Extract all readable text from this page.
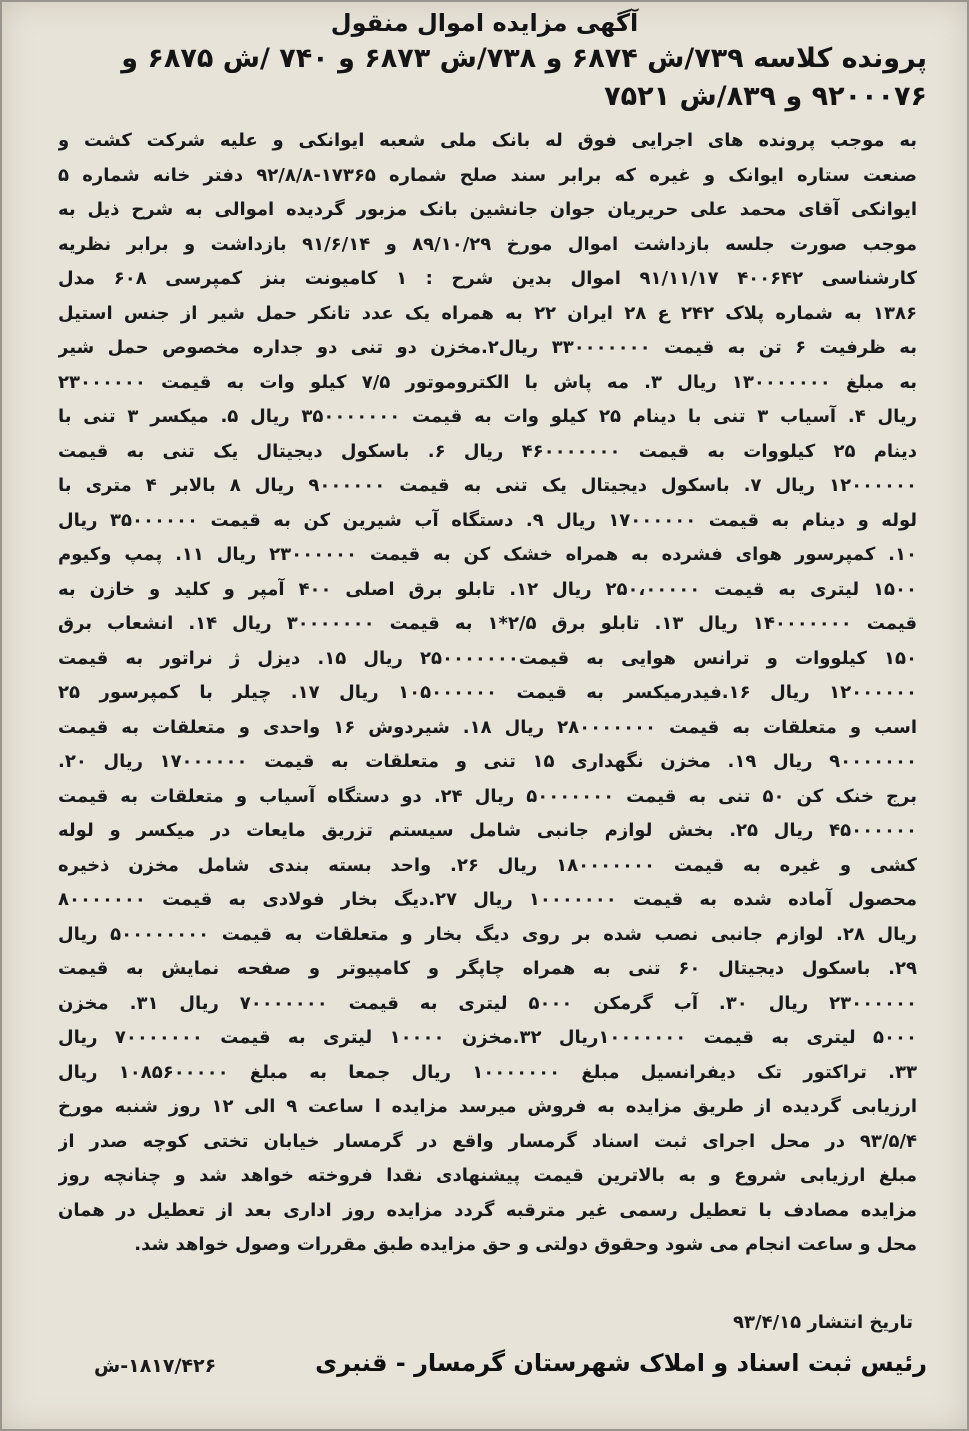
آگهی مزایده اموال منقول
پرونده کلاسه ۷۳۹/ش ۶۸۷۴ و ۷۳۸/ش ۶۸۷۳ و ۷۴۰ /ش ۶۸۷۵ و
۹۲۰۰۰۷۶ و ۸۳۹/ش ۷۵۲۱
به موجب پرونده های اجرایی فوق له بانک ملی شعبه ایوانکی و علیه شرکت کشت و
صنعت ستاره ایوانک و غیره که برابر سند صلح شماره ۱۷۳۶۵-۹۲/۸/۸ دفتر خانه شماره ۵
ایوانکی آقای محمد علی حریریان جوان جانشین بانک مزبور گردیده اموالی به شرح ذیل به
موجب صورت جلسه بازداشت اموال مورخ ۸۹/۱۰/۲۹ و ۹۱/۶/۱۴ بازداشت و برابر نظریه
کارشناسی ۴۰۰۶۴۲ ۹۱/۱۱/۱۷ اموال بدین شرح : ۱ کامیونت بنز کمپرسی ۶۰۸ مدل
۱۳۸۶ به شماره پلاک ۲۴۲ ع ۲۸ ایران ۲۲ به همراه یک عدد تانکر حمل شیر از جنس استیل
به ظرفیت ۶ تن به قیمت ۳۳۰۰۰۰۰۰۰ ریال۲.مخزن دو تنی دو جداره مخصوص حمل شیر
به مبلغ ۱۳۰۰۰۰۰۰۰ ریال ۳. مه پاش با الکتروموتور ۷/۵ کیلو وات به قیمت ۲۳۰۰۰۰۰۰
ریال ۴. آسیاب ۳ تنی با دینام ۲۵ کیلو وات به قیمت ۳۵۰۰۰۰۰۰۰ ریال ۵. میکسر ۳ تنی با
دینام ۲۵ کیلووات به قیمت ۴۶۰۰۰۰۰۰۰ ریال ۶. باسکول دیجیتال یک تنی به قیمت
۱۲۰۰۰۰۰۰ ریال ۷. باسکول دیجیتال یک تنی به قیمت ۹۰۰۰۰۰۰ ریال ۸ بالابر ۴ متری با
لوله و دینام به قیمت ۱۷۰۰۰۰۰۰ ریال ۹. دستگاه آب شیرین کن به قیمت ۳۵۰۰۰۰۰۰ ریال
۱۰. کمپرسور هوای فشرده به همراه خشک کن به قیمت ۲۳۰۰۰۰۰۰ ریال ۱۱. پمپ وکیوم
۱۵۰۰ لیتری به قیمت ۲۵۰،۰۰۰۰۰ ریال ۱۲. تابلو برق اصلی ۴۰۰ آمپر و کلید و خازن به
قیمت ۱۴۰۰۰۰۰۰۰ ریال ۱۳. تابلو برق ۲/۵*۱ به قیمت ۳۰۰۰۰۰۰۰ ریال ۱۴. انشعاب برق
۱۵۰ کیلووات و ترانس هوایی به قیمت۲۵۰۰۰۰۰۰۰ ریال ۱۵. دیزل ژ نراتور به قیمت
۱۲۰۰۰۰۰۰ ریال ۱۶.فیدرمیکسر به قیمت ۱۰۵۰۰۰۰۰۰ ریال ۱۷. چیلر با کمپرسور ۲۵
اسب و متعلقات به قیمت ۲۸۰۰۰۰۰۰۰ ریال ۱۸. شیردوش ۱۶ واحدی و متعلقات به قیمت
۹۰۰۰۰۰۰۰ ریال ۱۹. مخزن نگهداری ۱۵ تنی و متعلقات به قیمت ۱۷۰۰۰۰۰۰ ریال ۲۰.
برج خنک کن ۵۰ تنی به قیمت ۵۰۰۰۰۰۰۰ ریال ۲۴. دو دستگاه آسیاب و متعلقات به قیمت
۴۵۰۰۰۰۰۰ ریال ۲۵. بخش لوازم جانبی شامل سیستم تزریق مایعات در میکسر و لوله
کشی و غیره به قیمت ۱۸۰۰۰۰۰۰۰ ریال ۲۶. واحد بسته بندی شامل مخزن ذخیره
محصول آماده شده به قیمت ۱۰۰۰۰۰۰۰ ریال ۲۷.دیگ بخار فولادی به قیمت ۸۰۰۰۰۰۰۰
ریال ۲۸. لوازم جانبی نصب شده بر روی دیگ بخار و متعلقات به قیمت ۵۰۰۰۰۰۰۰۰ ریال
۲۹. باسکول دیجیتال ۶۰ تنی به همراه چاپگر و کامپیوتر و صفحه نمایش به قیمت
۲۳۰۰۰۰۰۰ ریال ۳۰. آب گرمکن ۵۰۰۰ لیتری به قیمت ۷۰۰۰۰۰۰۰ ریال ۳۱. مخزن
۵۰۰۰ لیتری به قیمت ۱۰۰۰۰۰۰۰ریال ۳۲.مخزن ۱۰۰۰۰ لیتری به قیمت ۷۰۰۰۰۰۰۰ ریال
۳۳. تراکتور تک دیفرانسیل مبلغ ۱۰۰۰۰۰۰۰ ریال جمعا به مبلغ ۱۰۸۵۶۰۰۰۰۰ ریال
ارزیابی گردیده از طریق مزایده به فروش میرسد مزایده ا ساعت ۹ الی ۱۲ روز شنبه مورخ
۹۳/۵/۴ در محل اجرای ثبت اسناد گرمسار واقع در گرمسار خیابان تختی کوچه صدر از
مبلغ ارزیابی شروع و به بالاترین قیمت پیشنهادی نقدا فروخته خواهد شد و چنانچه روز
مزایده مصادف با تعطیل رسمی غیر مترقبه گردد مزایده روز اداری بعد از تعطیل در همان
محل و ساعت انجام می شود وحقوق دولتی و حق مزایده طبق مقررات وصول خواهد شد.
تاریخ انتشار ۹۳/۴/۱۵
رئیس ثبت اسناد و املاک شهرستان گرمسار - قنبری
۱۸۱۷/۴۲۶-ش
